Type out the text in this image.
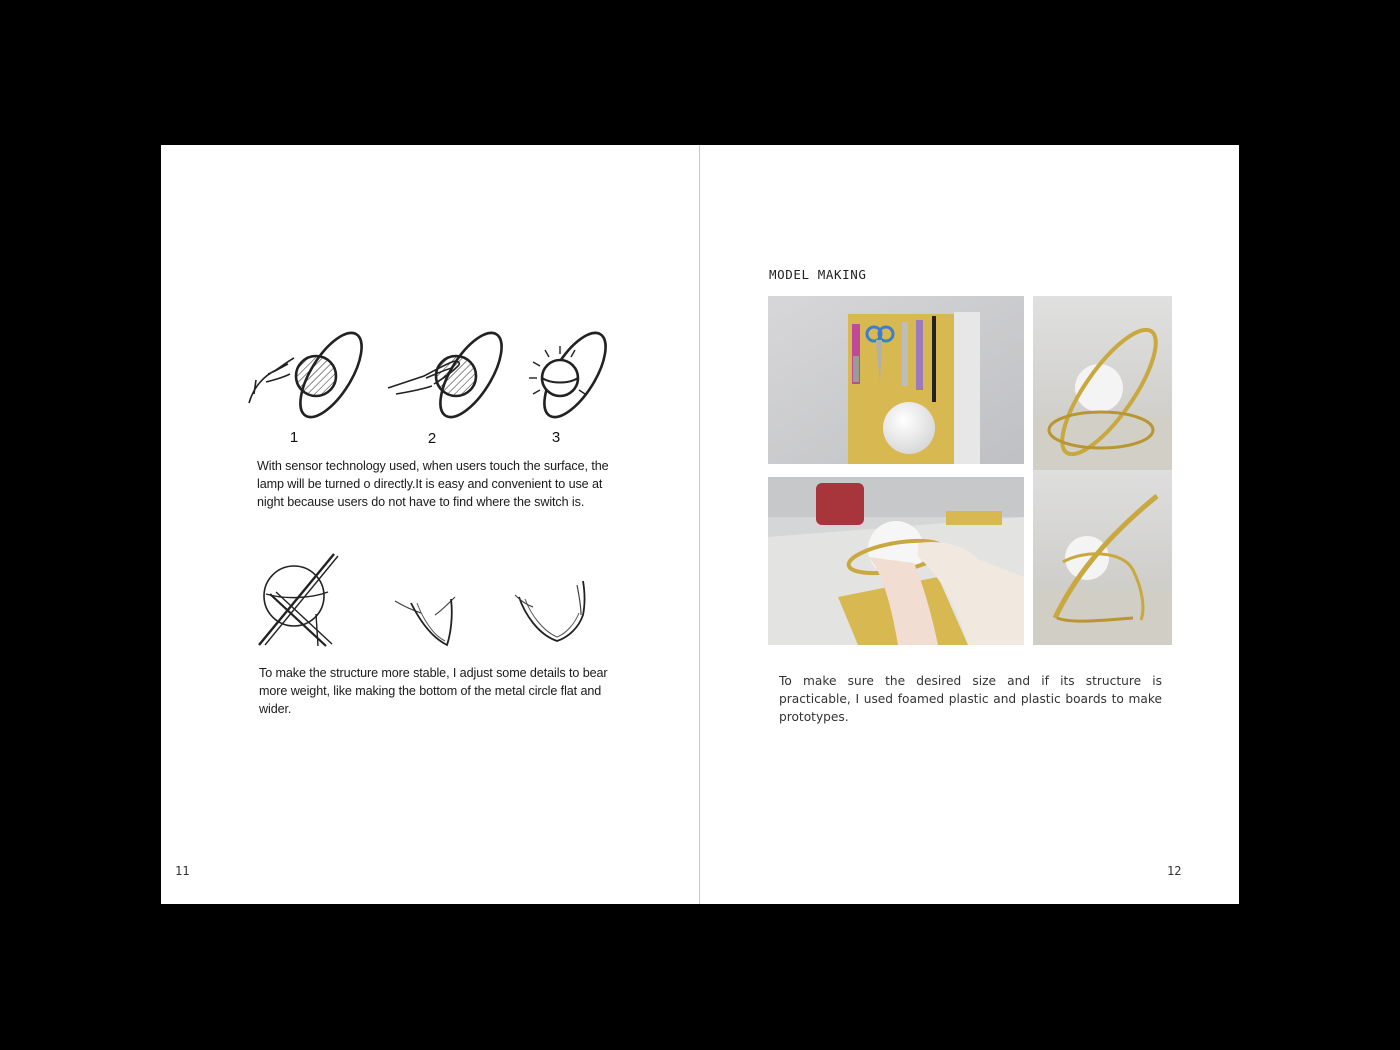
1	2	3
With sensor technology used, when users touch the surface, the
lamp will be turned o directly.It is easy and convenient to use at
night because users do not have to find where the switch is.
To make the structure more stable, I adjust some details to bear
more weight, like making the bottom of the metal circle flat and
wider.
11
MODEL MAKING
To make sure the desired size and if its structure is practicable, I used foamed plastic and plastic boards to make prototypes.
12
